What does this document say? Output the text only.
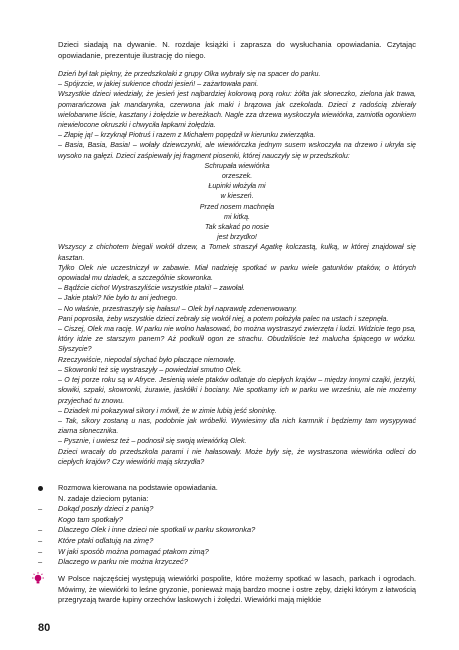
Dzieci siadają na dywanie. N. rozdaje książki i zaprasza do wysłuchania opowiadania. Czytając opowiadanie, prezentuje ilustrację do niego.

Dzień był tak piękny, że przedszkolaki z grupy Olka wybrały się na spacer do parku.

– Spójrzcie, w jakiej sukience chodzi jesień! – zażartowała pani.

Wszystkie dzieci wiedziały, że jesień jest najbardziej kolorową porą roku: żółta jak słoneczko, zielona jak trawa, pomarańczowa jak mandarynka, czerwona jak maki i brązowa jak czekolada. Dzieci z radością zbierały wielobarwne liście, kasztany i żołędzie w bereżkach. Nagle zza drzewa wyskoczyła wiewiórka, zamiotła ogonkiem niewielocone okruszki i chwyciła łapkami żołędzia.

– Złapię ją! – krzyknął Piotruś i razem z Michałem popędził w kierunku zwierzątka.

– Basia, Basia, Basia! – wołały dziewczynki, ale wiewiórczka jednym susem wskoczyła na drzewo i ukryła się wysoko na gałęzi. Dzieci zaśpiewały jej fragment piosenki, której nauczyły się w przedszkolu:

Schrupała wiewiórka
orzeszek.
Łupinki włożyła mi
w kieszeń.
Przed nosem machnęła
mi kitką.
Tak skakać po nosie
jest brzydko!

Wszyscy z chichotem biegali wokół drzew, a Tomek straszył Agatkę kolczastą, kulką, w której znajdował się kasztan.

Tylko Olek nie uczestniczył w zabawie. Miał nadzieję spotkać w parku wiele gatunków ptaków, o których opowiadał mu dziadek, a szczególnie skowronka.

– Bądźcie cicho! Wystraszyliście wszystkie ptaki! – zawołał.

– Jakie ptaki? Nie było tu ani jednego.

– No właśnie, przestraszyły się hałasu! – Olek był naprawdę zdenerwowany.

Pani poprosiła, żeby wszystkie dzieci zebrały się wokół niej, a potem położyła palec na ustach i szepnęła.

– Ciszej, Olek ma rację. W parku nie wolno hałasować, bo można wystraszyć zwierzęta i ludzi. Widzicie tego psa, który idzie ze starszym panem? Aż podkulił ogon ze strachu. Obudziliście też malucha śpiącego w wózku. Słyszycie?

Rzeczywiście, niepodal słychać było płaczące niemowlę.

– Skowronki też się wystraszyły – powiedział smutno Olek.

– O tej porze roku są w Afryce. Jesienią wiele ptaków odlatuje do ciepłych krajów – między innymi czajki, jerzyki, słowiki, szpaki, skowronki, żurawie, jaskółki i bociany. Nie spotkamy ich w parku we wrześniu, ale nie możemy przyjechać tu znowu.

– Dziadek mi pokazywał sikory i mówił, że w zimie lubią jeść słoninkę.

– Tak, sikory zostaną u nas, podobnie jak wróbelki. Wywiesimy dla nich karmnik i będziemy tam wysypywać ziarna słonecznika.

– Pysznie, i uwiesz też – podnosił się swoją wiewiórką Olek.

Dzieci wracały do przedszkola parami i nie hałasowały. Może były się, że wystraszona wiewiórka odleci do ciepłych krajów? Czy wiewiórki mają skrzydła?

Rozmowa kierowana na podstawie opowiadania.
N. zadaje dzieciom pytania:
– Dokąd poszły dzieci z panią?
Kogo tam spotkały?
– Dlaczego Olek i inne dzieci nie spotkali w parku skowronka?
– Które ptaki odlatują na zimę?
– W jaki sposób można pomagać ptakom zimą?
– Dlaczego w parku nie można krzyczeć?
W Polsce najczęściej występują wiewiórki pospolite, które możemy spotkać w lasach, parkach i ogrodach. Mówimy, że wiewiórki to leśne gryzonie, ponieważ mają bardzo mocne i ostre zęby, dzięki którym z łatwością przegryzają twarde łupiny orzechów laskowych i żołędzi. Wiewiórki mają miękkie
80
